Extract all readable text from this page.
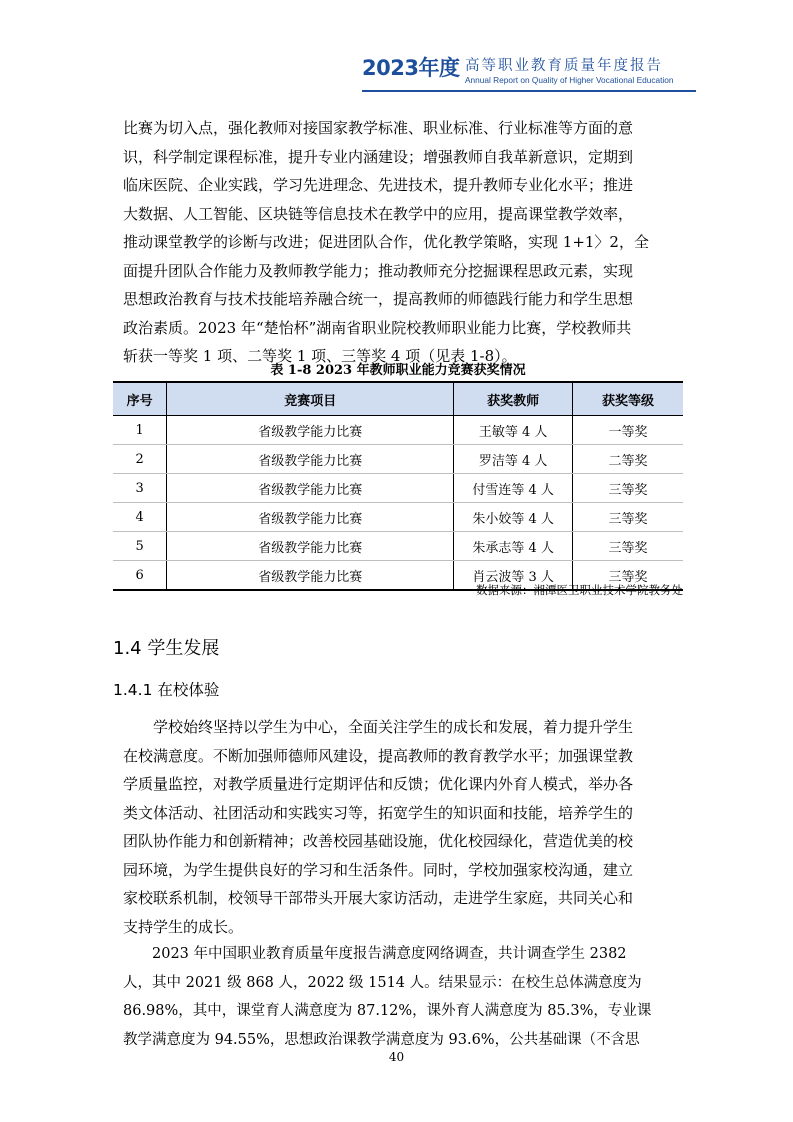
2023年度 高等职业教育质量年度报告
Annual Report on Quality of Higher Vocational Education
比赛为切入点，强化教师对接国家教学标准、职业标准、行业标准等方面的意
识，科学制定课程标准，提升专业内涵建设；增强教师自我革新意识，定期到
临床医院、企业实践，学习先进理念、先进技术，提升教师专业化水平；推进
大数据、人工智能、区块链等信息技术在教学中的应用，提高课堂教学效率，
推动课堂教学的诊断与改进；促进团队合作，优化教学策略，实现 1+1〉2，全
面提升团队合作能力及教师教学能力；推动教师充分挖掘课程思政元素，实现
思想政治教育与技术技能培养融合统一，提高教师的师德践行能力和学生思想
政治素质。2023 年“楚怡杯”湖南省职业院校教师职业能力比赛，学校教师共
斩获一等奖 1 项、二等奖 1 项、三等奖 4 项（见表 1-8）。
表 1-8 2023 年教师职业能力竞赛获奖情况
序号	竞赛项目	获奖教师	获奖等级
1	省级教学能力比赛	王敏等 4 人	一等奖
2	省级教学能力比赛	罗洁等 4 人	二等奖
3	省级教学能力比赛	付雪连等 4 人	三等奖
4	省级教学能力比赛	朱小姣等 4 人	三等奖
5	省级教学能力比赛	朱承志等 4 人	三等奖
6	省级教学能力比赛	肖云波等 3 人	三等奖
数据来源：湘潭医卫职业技术学院教务处
1.4 学生发展
1.4.1 在校体验
　　学校始终坚持以学生为中心，全面关注学生的成长和发展，着力提升学生
在校满意度。不断加强师德师风建设，提高教师的教育教学水平；加强课堂教
学质量监控，对教学质量进行定期评估和反馈；优化课内外育人模式，举办各
类文体活动、社团活动和实践实习等，拓宽学生的知识面和技能，培养学生的
团队协作能力和创新精神；改善校园基础设施，优化校园绿化，营造优美的校
园环境，为学生提供良好的学习和生活条件。同时，学校加强家校沟通，建立
家校联系机制，校领导干部带头开展大家访活动，走进学生家庭，共同关心和
支持学生的成长。
　　2023 年中国职业教育质量年度报告满意度网络调查，共计调查学生 2382
人，其中 2021 级 868 人，2022 级 1514 人。结果显示：在校生总体满意度为
86.98%，其中，课堂育人满意度为 87.12%，课外育人满意度为 85.3%，专业课
教学满意度为 94.55%，思想政治课教学满意度为 93.6%，公共基础课（不含思
40
